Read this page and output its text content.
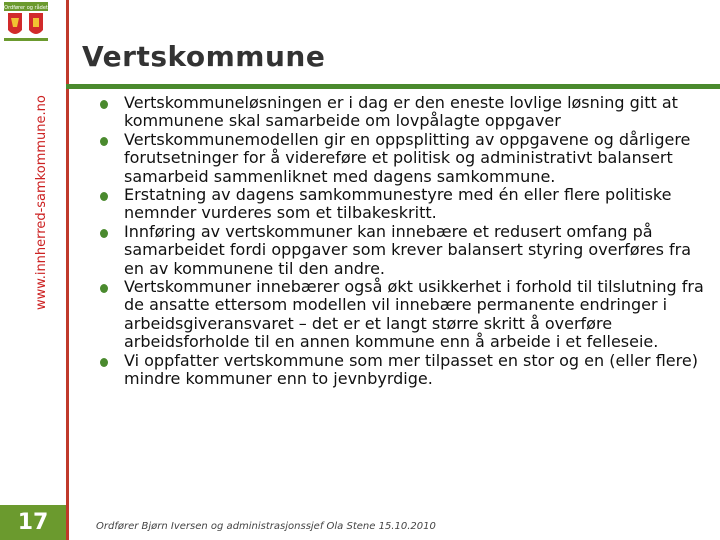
Ordfører og rådet
www.innherred-samkommune.no
17
Vertskommune
Vertskommuneløsningen er i dag er den eneste lovlige løsning gitt at kommunene skal samarbeide om lovpålagte oppgaver
Vertskommunemodellen gir en oppsplitting av oppgavene og dårligere forutsetninger for å videreføre et politisk og administrativt balansert samarbeid sammenliknet med dagens samkommune.
Erstatning av dagens samkommunestyre med én eller flere politiske nemnder vurderes som et tilbakeskritt.
Innføring av vertskommuner kan innebære et redusert omfang på samarbeidet fordi oppgaver som krever balansert styring overføres fra en av kommunene til den andre.
Vertskommuner innebærer også økt usikkerhet i forhold til tilslutning fra de ansatte ettersom modellen vil innebære permanente endringer i arbeidsgiveransvaret – det er et langt større skritt å overføre arbeidsforholde til en annen kommune enn å arbeide i et felleseie.
Vi oppfatter vertskommune som mer tilpasset en stor og en (eller flere) mindre kommuner enn to jevnbyrdige.
Ordfører Bjørn Iversen og administrasjonssjef Ola Stene 15.10.2010
